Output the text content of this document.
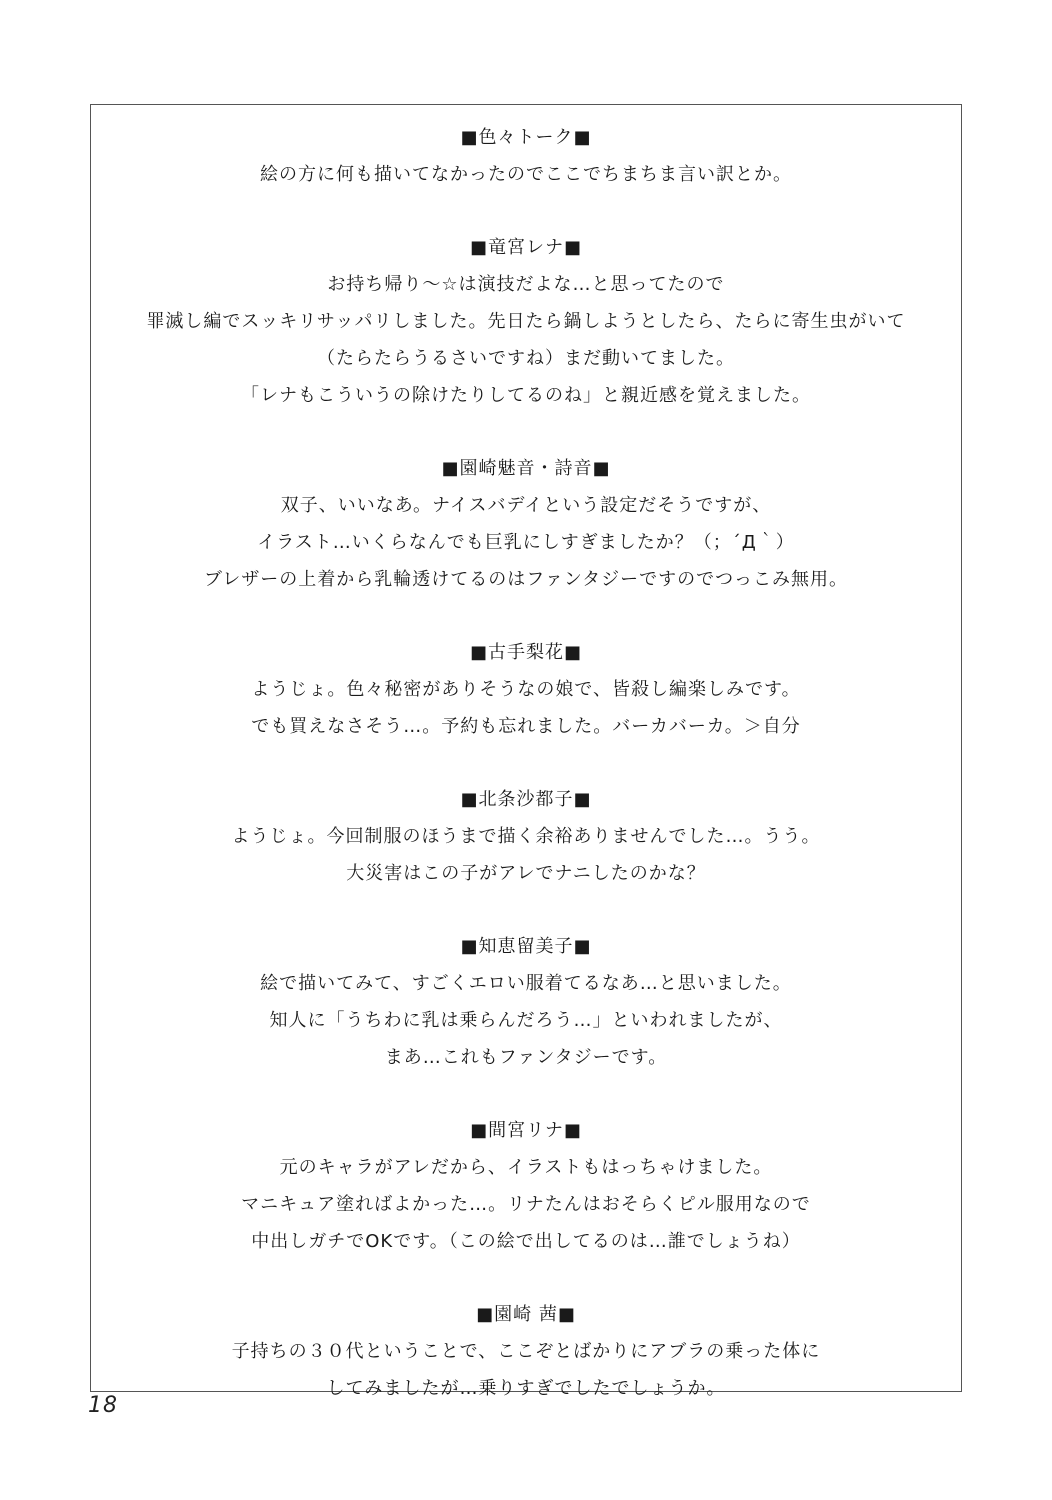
■色々トーク■
絵の方に何も描いてなかったのでここでちまちま言い訳とか。
■竜宮レナ■
お持ち帰り～☆は演技だよな…と思ってたので
罪滅し編でスッキリサッパリしました。先日たら鍋しようとしたら、たらに寄生虫がいて
（たらたらうるさいですね）まだ動いてました。
「レナもこういうの除けたりしてるのね」と親近感を覚えました。
■園崎魅音・詩音■
双子、いいなあ。ナイスバデイという設定だそうですが、
イラスト…いくらなんでも巨乳にしすぎましたか？（；´Д｀）
ブレザーの上着から乳輪透けてるのはファンタジーですのでつっこみ無用。
■古手梨花■
ようじょ。色々秘密がありそうなの娘で、皆殺し編楽しみです。
でも買えなさそう…。予約も忘れました。バーカバーカ。＞自分
■北条沙都子■
ようじょ。今回制服のほうまで描く余裕ありませんでした…。うう。
大災害はこの子がアレでナニしたのかな？
■知恵留美子■
絵で描いてみて、すごくエロい服着てるなあ…と思いました。
知人に「うちわに乳は乗らんだろう…」といわれましたが、
まあ…これもファンタジーです。
■間宮リナ■
元のキャラがアレだから、イラストもはっちゃけました。
マニキュア塗ればよかった…。リナたんはおそらくピル服用なので
中出しガチでOKです。（この絵で出してるのは…誰でしょうね）
■園崎 茜■
子持ちの３０代ということで、ここぞとばかりにアブラの乗った体に
してみましたが…乗りすぎでしたでしょうか。
18
